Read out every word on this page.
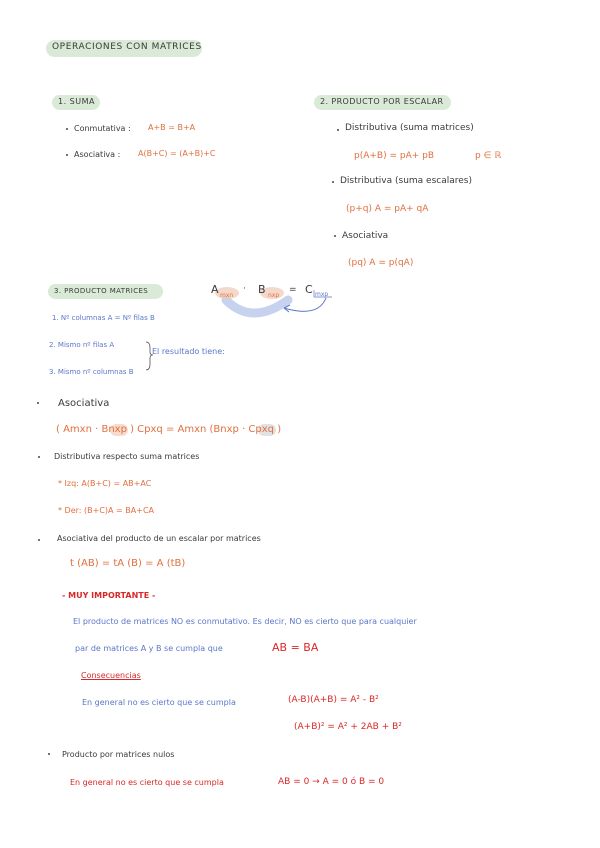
OPERACIONES CON MATRICES
1. SUMA
Conmutativa : A+B = B+A
Asociativa : A(B+C) = (A+B)+C
2. PRODUCTO POR ESCALAR
Distributiva (suma matrices)
p(A+B) = pA+ pB	p ∈ ℝ
Distributiva (suma escalares)
(p+q) A = pA+ qA
Asociativa
(pq) A = p(qA)
3. PRODUCTO MATRICES	A mxn
· B nxp
= C mxp
1. Nº columnas A = Nº filas B
2. Mismo nº filas A
3. Mismo nº columnas B
El resultado tiene:
Asociativa
( Amxn · Bnxp ) Cpxq = Amxn (Bnxp · Cpxq )
Distributiva respecto suma matrices
* Izq: A(B+C) = AB+AC
* Der: (B+C)A = BA+CA
Asociativa del producto de un escalar por matrices
t (AB) = tA (B) = A (tB)
- MUY IMPORTANTE -
El producto de matrices NO es conmutativo. Es decir, NO es cierto que para cualquier
par de matrices A y B se cumpla que	AB = BA
Consecuencias
En general no es cierto que se cumpla	(A-B)(A+B) = A² - B²
(A+B)² = A² + 2AB + B²
Producto por matrices nulos
En general no es cierto que se cumpla	AB = 0 → A = 0 ó B = 0
